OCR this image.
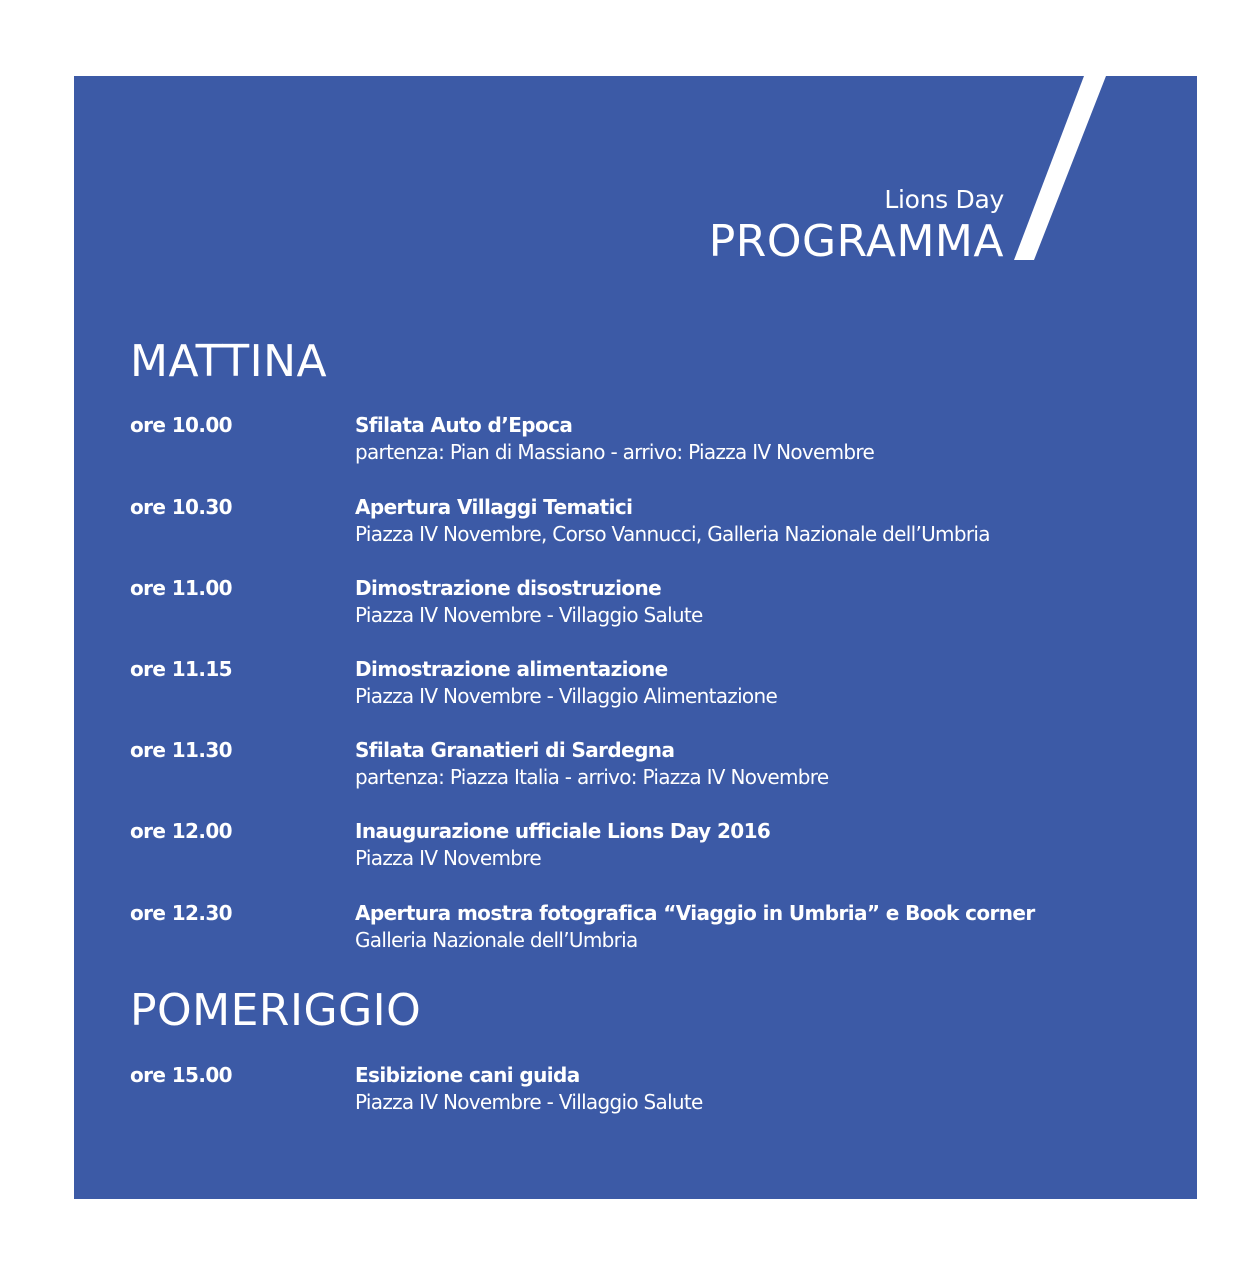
Lions Day
PROGRAMMA
MATTINA
ore 10.00	Sfilata Auto d’Epoca
partenza: Pian di Massiano - arrivo: Piazza IV Novembre
ore 10.30	Apertura Villaggi Tematici
Piazza IV Novembre, Corso Vannucci, Galleria Nazionale dell’Umbria
ore 11.00	Dimostrazione disostruzione
Piazza IV Novembre - Villaggio Salute
ore 11.15	Dimostrazione alimentazione
Piazza IV Novembre - Villaggio Alimentazione
ore 11.30	Sfilata Granatieri di Sardegna
partenza: Piazza Italia - arrivo: Piazza IV Novembre
ore 12.00	Inaugurazione ufficiale Lions Day 2016
Piazza IV Novembre
ore 12.30	Apertura mostra fotografica “Viaggio in Umbria” e Book corner
Galleria Nazionale dell’Umbria
POMERIGGIO
ore 15.00	Esibizione cani guida
Piazza IV Novembre - Villaggio Salute
